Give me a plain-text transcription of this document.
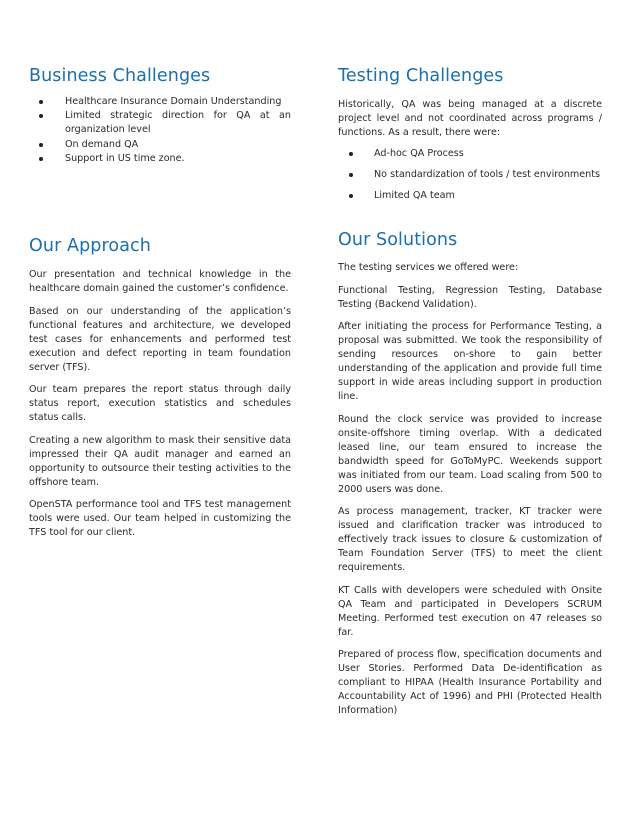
Business Challenges
Healthcare Insurance Domain Understanding
Limited strategic direction for QA at an organization level
On demand QA
Support in US time zone.
Our Approach

Our presentation and technical knowledge in the healthcare domain gained the customer’s confidence.

Based on our understanding of the application’s functional features and architecture, we developed test cases for enhancements and performed test execution and defect reporting in team foundation server (TFS).

Our team prepares the report status through daily status report, execution statistics and schedules status calls.

Creating a new algorithm to mask their sensitive data impressed their QA audit manager and earned an opportunity to outsource their testing activities to the offshore team.

OpenSTA performance tool and TFS test management tools were used. Our team helped in customizing the TFS tool for our client.

Testing Challenges

Historically, QA was being managed at a discrete project level and not coordinated across programs / functions. As a result, there were:

Ad-hoc QA Process
No standardization of tools / test environments
Limited QA team
Our Solutions

The testing services we offered were:

Functional Testing, Regression Testing, Database Testing (Backend Validation).

After initiating the process for Performance Testing, a proposal was submitted. We took the responsibility of sending resources on-shore to gain better understanding of the application and provide full time support in wide areas including support in production line.

Round the clock service was provided to increase onsite-offshore timing overlap. With a dedicated leased line, our team ensured to increase the bandwidth speed for GoToMyPC. Weekends support was initiated from our team. Load scaling from 500 to 2000 users was done.

As process management, tracker, KT tracker were issued and clarification tracker was introduced to effectively track issues to closure & customization of Team Foundation Server (TFS) to meet the client requirements.

KT Calls with developers were scheduled with Onsite QA Team and participated in Developers SCRUM Meeting. Performed test execution on 47 releases so far.

Prepared of process flow, specification documents and User Stories. Performed Data De-identification as compliant to HIPAA (Health Insurance Portability and Accountability Act of 1996) and PHI (Protected Health Information)
